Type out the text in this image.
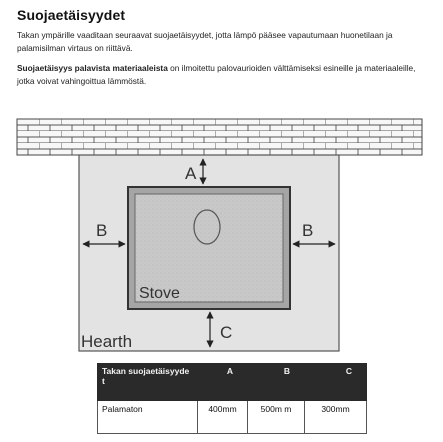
Suojaetäisyydet

Takan ympärille vaaditaan seuraavat suojaetäisyydet, jotta lämpö pääsee vapautumaan huonetilaan ja palamisilman virtaus on riittävä.

Suojaetäisyys palavista materiaaleista on ilmoitettu palovaurioiden välttämiseksi esineille ja materiaaleille, jotka voivat vahingoittua lämmöstä.

A
B	B
C
Stove
Hearth
Takan suojaetäisyyde t	A	B	C
Palamaton	400mm	500m m	300mm
